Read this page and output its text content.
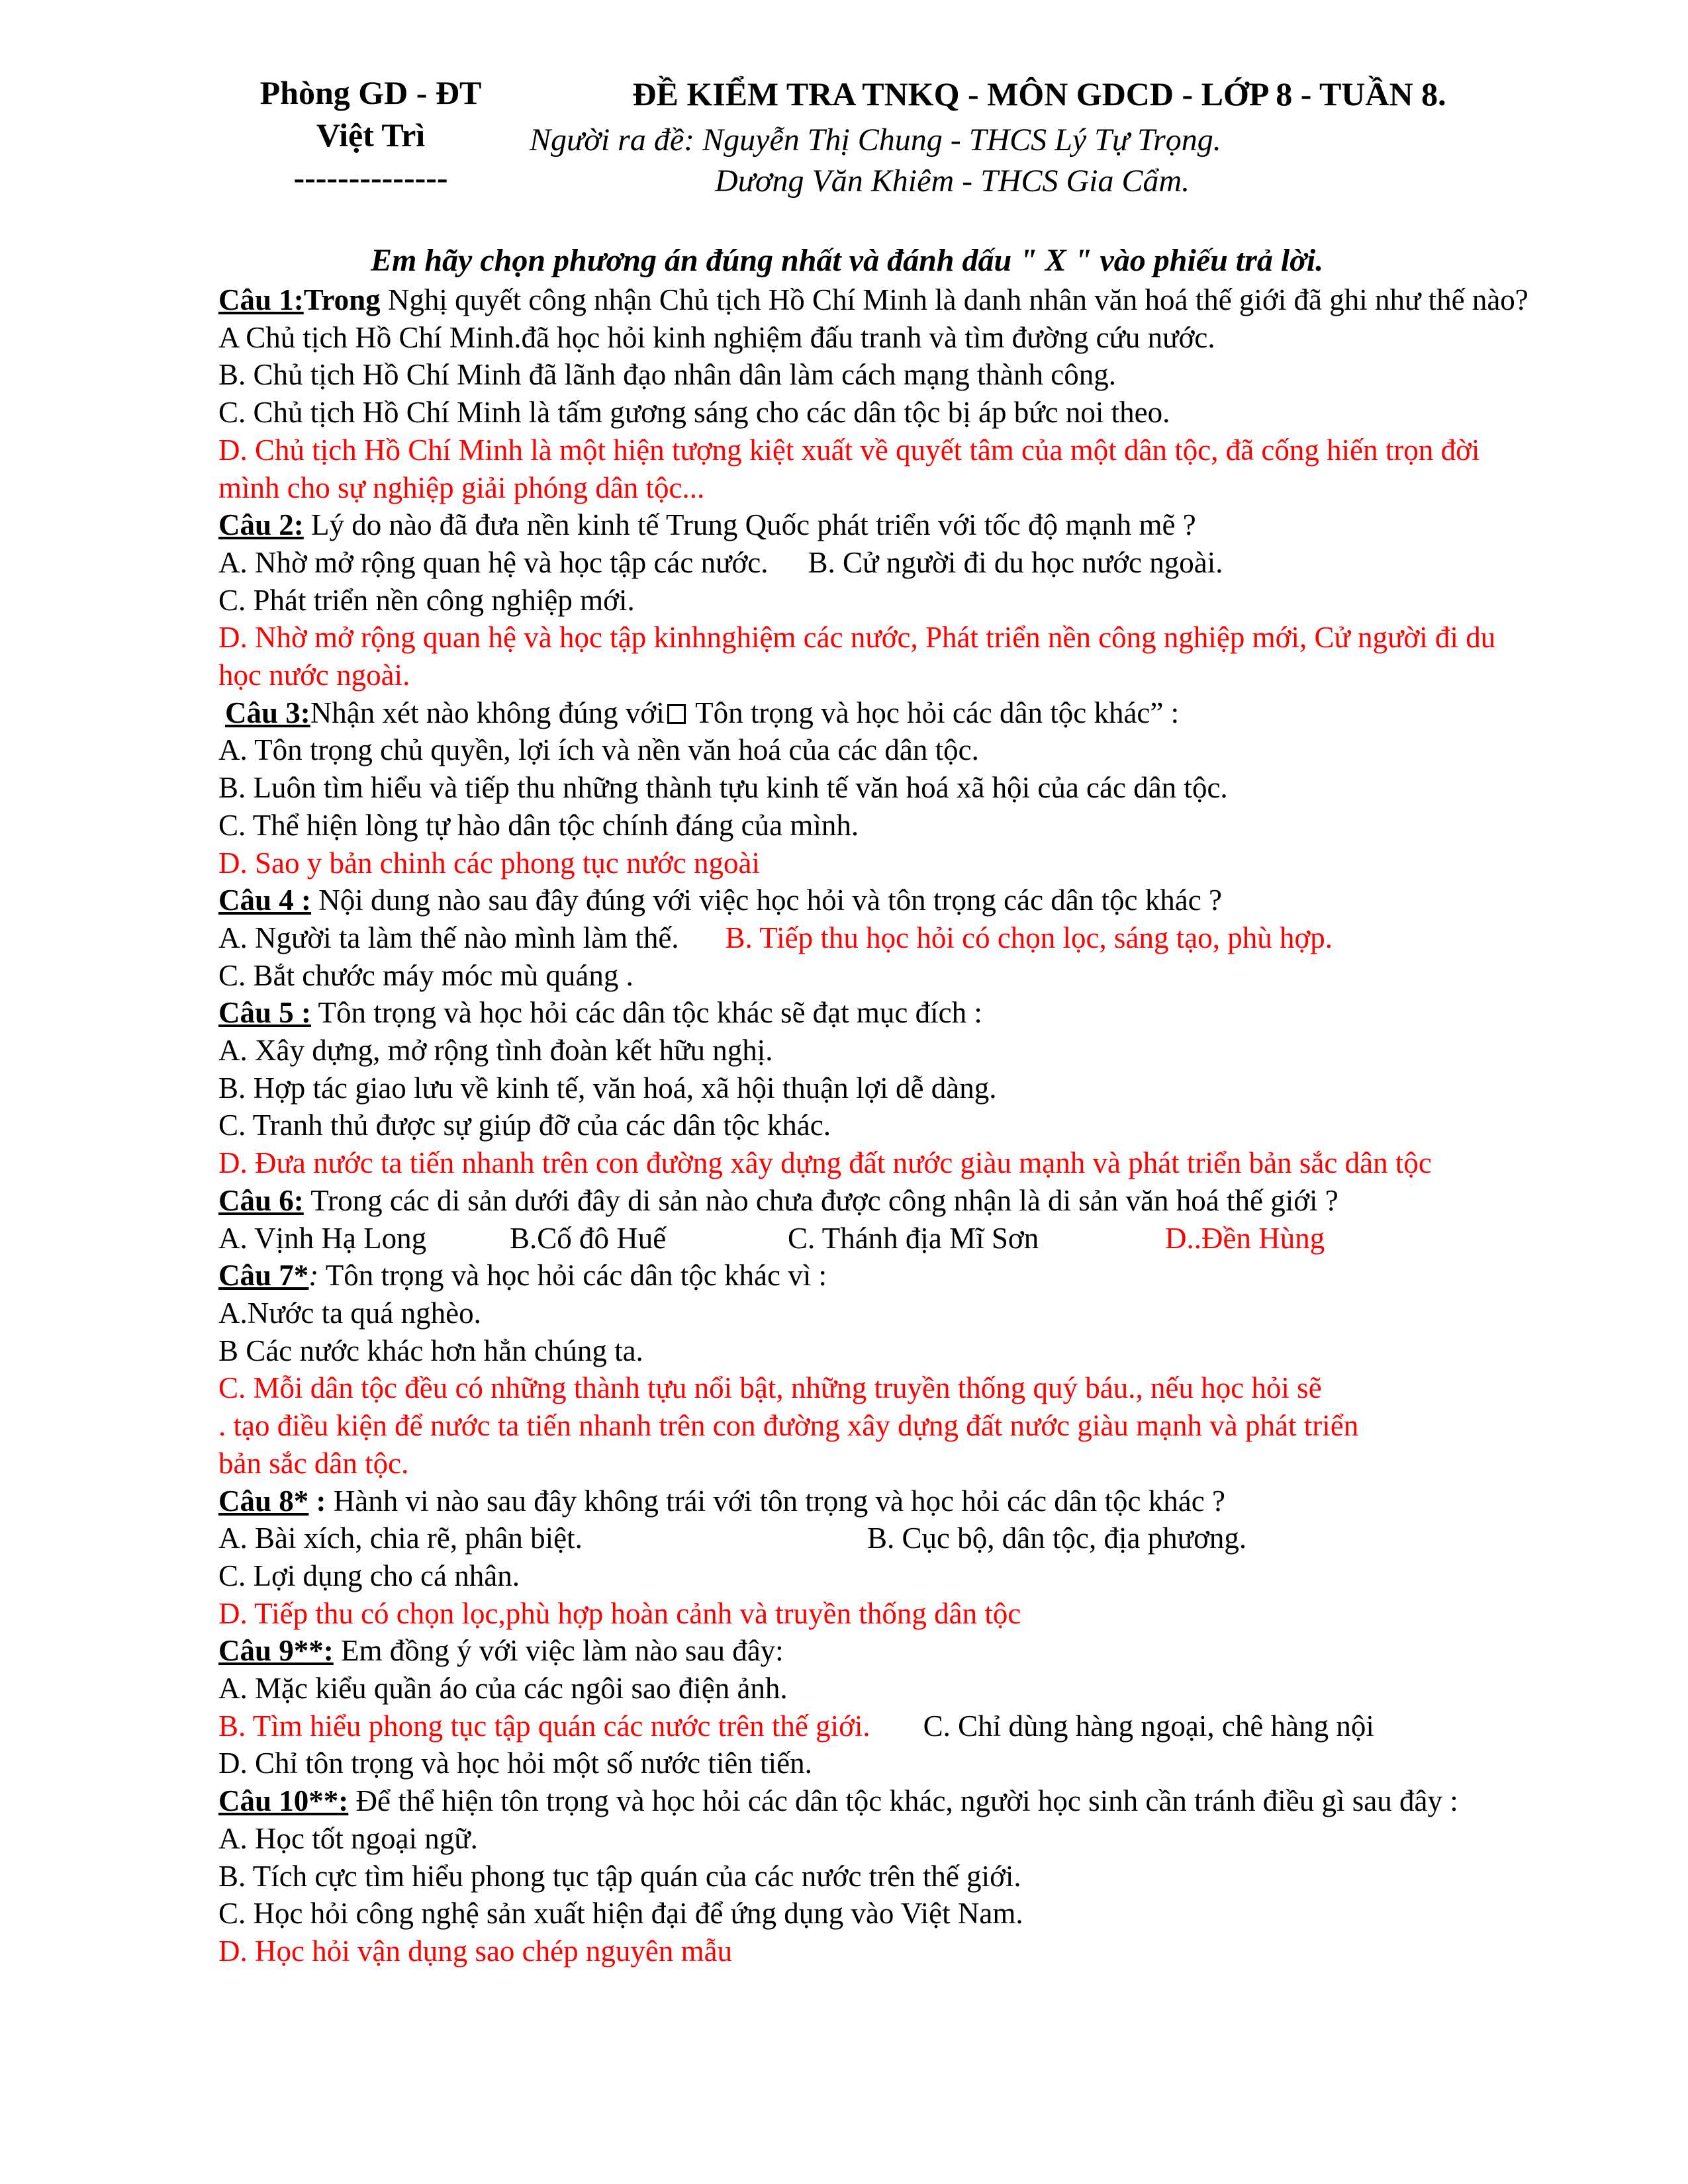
Phòng GD - ĐT
Việt Trì
--------------
ĐỀ KIỂM TRA TNKQ - MÔN GDCD - LỚP 8 - TUẦN 8.
Người ra đề: Nguyễn Thị Chung - THCS Lý Tự Trọng.
Dương Văn Khiêm - THCS Gia Cẩm.
Em hãy chọn phương án đúng nhất và đánh dấu " X " vào phiếu trả lời.
Câu 1:Trong Nghị quyết công nhận Chủ tịch Hồ Chí Minh là danh nhân văn hoá thế giới đã ghi như thế nào?
A Chủ tịch Hồ Chí Minh.đã học hỏi kinh nghiệm đấu tranh và tìm đường cứu nước.
B. Chủ tịch Hồ Chí Minh đã lãnh đạo nhân dân làm cách mạng thành công.
C. Chủ tịch Hồ Chí Minh là tấm gương sáng cho các dân tộc bị áp bức noi theo.
D. Chủ tịch Hồ Chí Minh là một hiện tượng kiệt xuất về quyết tâm của một dân tộc, đã cống hiến trọn đời mình cho sự nghiệp giải phóng dân tộc...
Câu 2: Lý do nào đã đưa nền kinh tế Trung Quốc phát triển với tốc độ mạnh mẽ ?
A. Nhờ mở rộng quan hệ và học tập các nước. B. Cử người đi du học nước ngoài.
C. Phát triển nền công nghiệp mới.
D. Nhờ mở rộng quan hệ và học tập kinhnghiệm các nước, Phát triển nền công nghiệp mới, Cử người đi du học nước ngoài.
Câu 3:Nhận xét nào không đúng với Tôn trọng và học hỏi các dân tộc khác” :
A. Tôn trọng chủ quyền, lợi ích và nền văn hoá của các dân tộc.
B. Luôn tìm hiểu và tiếp thu những thành tựu kinh tế văn hoá xã hội của các dân tộc.
C. Thể hiện lòng tự hào dân tộc chính đáng của mình.
D. Sao y bản chinh các phong tục nước ngoài
Câu 4 : Nội dung nào sau đây đúng với việc học hỏi và tôn trọng các dân tộc khác ?
A. Người ta làm thế nào mình làm thế. B. Tiếp thu học hỏi có chọn lọc, sáng tạo, phù hợp.
C. Bắt chước máy móc mù quáng .
Câu 5 : Tôn trọng và học hỏi các dân tộc khác sẽ đạt mục đích :
A. Xây dựng, mở rộng tình đoàn kết hữu nghị.
B. Hợp tác giao lưu về kinh tế, văn hoá, xã hội thuận lợi dễ dàng.
C. Tranh thủ được sự giúp đỡ của các dân tộc khác.
D. Đưa nước ta tiến nhanh trên con đường xây dựng đất nước giàu mạnh và phát triển bản sắc dân tộc
Câu 6: Trong các di sản dưới đây di sản nào chưa được công nhận là di sản văn hoá thế giới ?
A. Vịnh Hạ Long	B.Cố đô Huế	C. Thánh địa Mĩ Sơn	D..Đền Hùng
Câu 7*: Tôn trọng và học hỏi các dân tộc khác vì :
A.Nước ta quá nghèo.
B Các nước khác hơn hẳn chúng ta.
C. Mỗi dân tộc đều có những thành tựu nổi bật, những truyền thống quý báu., nếu học hỏi sẽ
. tạo điều kiện để nước ta tiến nhanh trên con đường xây dựng đất nước giàu mạnh và phát triển
bản sắc dân tộc.
Câu 8* : Hành vi nào sau đây không trái với tôn trọng và học hỏi các dân tộc khác ?
A. Bài xích, chia rẽ, phân biệt.	B. Cục bộ, dân tộc, địa phương.
C. Lợi dụng cho cá nhân.
D. Tiếp thu có chọn lọc,phù hợp hoàn cảnh và truyền thống dân tộc
Câu 9**: Em đồng ý với việc làm nào sau đây:
A. Mặc kiểu quần áo của các ngôi sao điện ảnh.
B. Tìm hiểu phong tục tập quán các nước trên thế giới. C. Chỉ dùng hàng ngoại, chê hàng nội
D. Chỉ tôn trọng và học hỏi một số nước tiên tiến.
Câu 10**: Để thể hiện tôn trọng và học hỏi các dân tộc khác, người học sinh cần tránh điều gì sau đây :
A. Học tốt ngoại ngữ.
B. Tích cực tìm hiểu phong tục tập quán của các nước trên thế giới.
C. Học hỏi công nghệ sản xuất hiện đại để ứng dụng vào Việt Nam.
D. Học hỏi vận dụng sao chép nguyên mẫu
